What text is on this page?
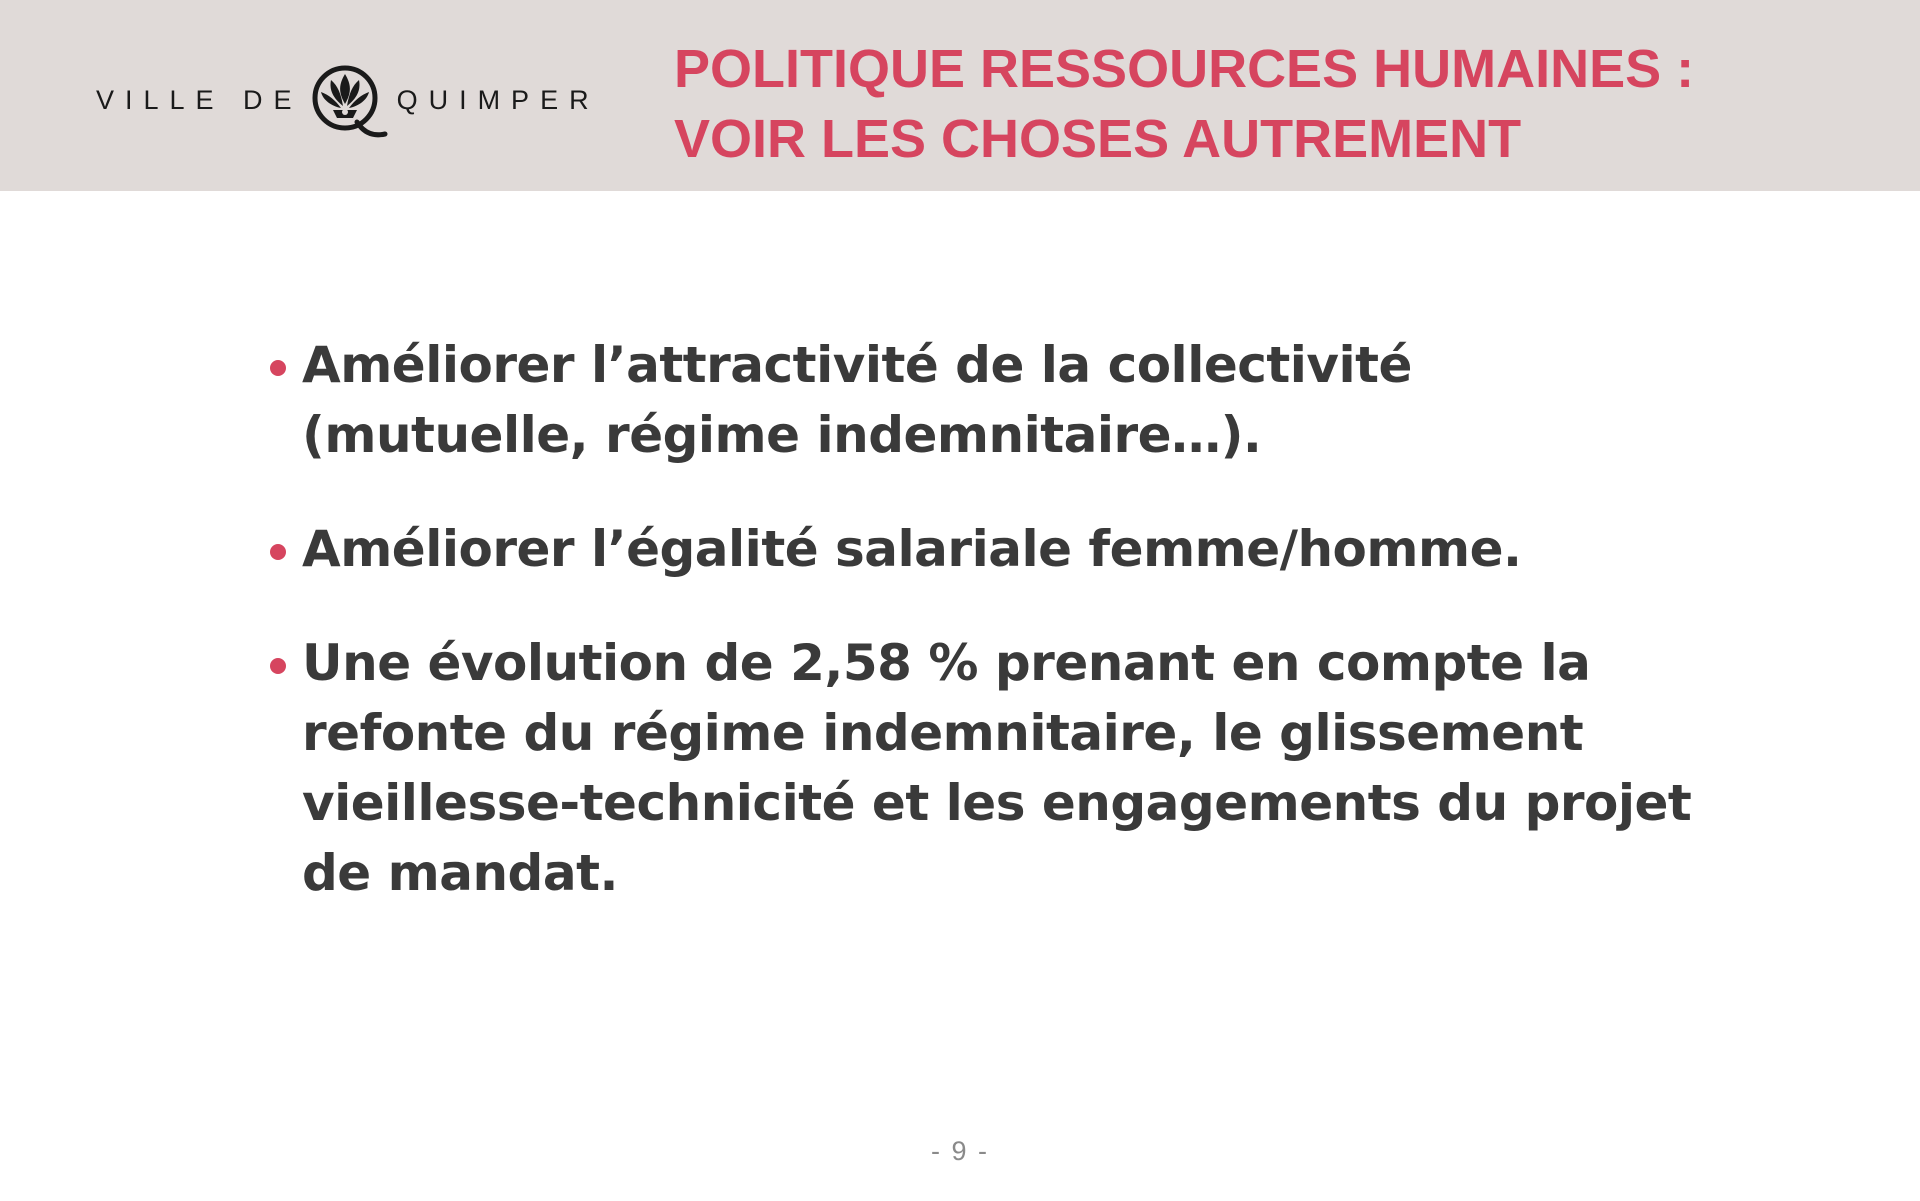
VILLE DE	QUIMPER
POLITIQUE RESSOURCES HUMAINES :
VOIR LES CHOSES AUTREMENT
Améliorer l’attractivité de la collectivité
(mutuelle, régime indemnitaire…).
Améliorer l’égalité salariale femme/homme.
Une évolution de 2,58 % prenant en compte la
refonte du régime indemnitaire, le glissement
vieillesse-technicité et les engagements du projet
de mandat.
- 9 -
